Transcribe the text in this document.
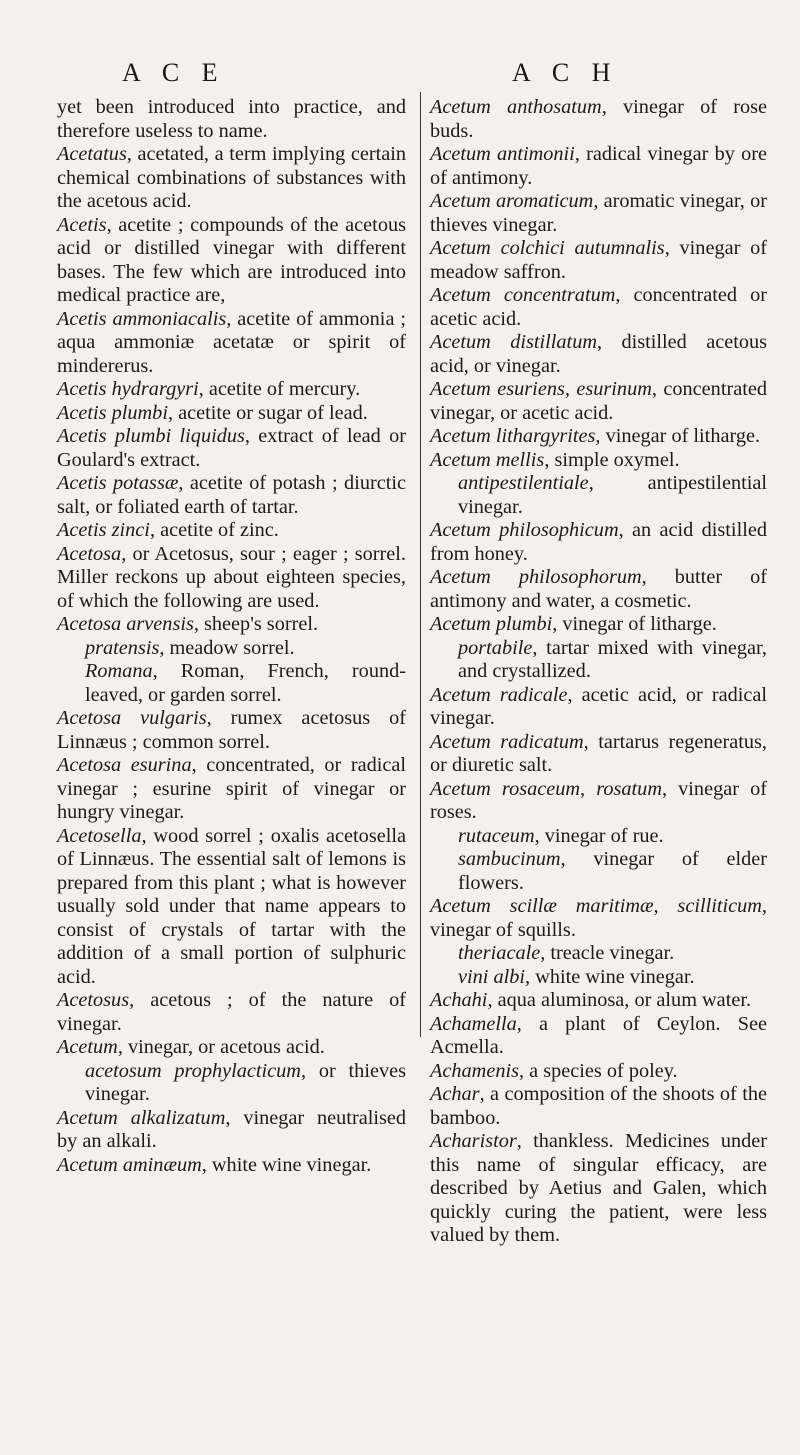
A C E	A C H

yet been introduced into practice, and therefore useless to name.

Acetatus, acetated, a term implying certain chemical combinations of substances with the acetous acid.

Acetis, acetite ; compounds of the acetous acid or distilled vinegar with different bases. The few which are introduced into medical practice are,

Acetis ammoniacalis, acetite of ammonia ; aqua ammoniæ acetatæ or spirit of mindererus.

Acetis hydrargyri, acetite of mercury.

Acetis plumbi, acetite or sugar of lead.

Acetis plumbi liquidus, extract of lead or Goulard's extract.

Acetis potassæ, acetite of potash ; diurctic salt, or foliated earth of tartar.

Acetis zinci, acetite of zinc.

Acetosa, or Acetosus, sour ; eager ; sorrel. Miller reckons up about eighteen species, of which the following are used.

Acetosa arvensis, sheep's sorrel.

pratensis, meadow sorrel.

Romana, Roman, French, round-leaved, or garden sorrel.

Acetosa vulgaris, rumex acetosus of Linnæus ; common sorrel.

Acetosa esurina, concentrated, or radical vinegar ; esurine spirit of vinegar or hungry vinegar.

Acetosella, wood sorrel ; oxalis acetosella of Linnæus. The essential salt of lemons is prepared from this plant ; what is however usually sold under that name appears to consist of crystals of tartar with the addition of a small portion of sulphuric acid.

Acetosus, acetous ; of the nature of vinegar.

Acetum, vinegar, or acetous acid.

acetosum prophylacticum, or thieves vinegar.

Acetum alkalizatum, vinegar neutralised by an alkali.

Acetum aminæum, white wine vinegar.

Acetum anthosatum, vinegar of rose buds.

Acetum antimonii, radical vinegar by ore of antimony.

Acetum aromaticum, aromatic vinegar, or thieves vinegar.

Acetum colchici autumnalis, vinegar of meadow saffron.

Acetum concentratum, concentrated or acetic acid.

Acetum distillatum, distilled acetous acid, or vinegar.

Acetum esuriens, esurinum, concentrated vinegar, or acetic acid.

Acetum lithargyrites, vinegar of litharge.

Acetum mellis, simple oxymel.

antipestilentiale, antipestilential vinegar.

Acetum philosophicum, an acid distilled from honey.

Acetum philosophorum, butter of antimony and water, a cosmetic.

Acetum plumbi, vinegar of litharge.

portabile, tartar mixed with vinegar, and crystallized.

Acetum radicale, acetic acid, or radical vinegar.

Acetum radicatum, tartarus regeneratus, or diuretic salt.

Acetum rosaceum, rosatum, vinegar of roses.

rutaceum, vinegar of rue.

sambucinum, vinegar of elder flowers.

Acetum scillæ maritimæ, scilliticum, vinegar of squills.

theriacale, treacle vinegar.

vini albi, white wine vinegar.

Achahi, aqua aluminosa, or alum water.

Achamella, a plant of Ceylon. See Acmella.

Achamenis, a species of poley.

Achar, a composition of the shoots of the bamboo.

Acharistor, thankless. Medicines under this name of singular efficacy, are described by Aetius and Galen, which quickly curing the patient, were less valued by them.
